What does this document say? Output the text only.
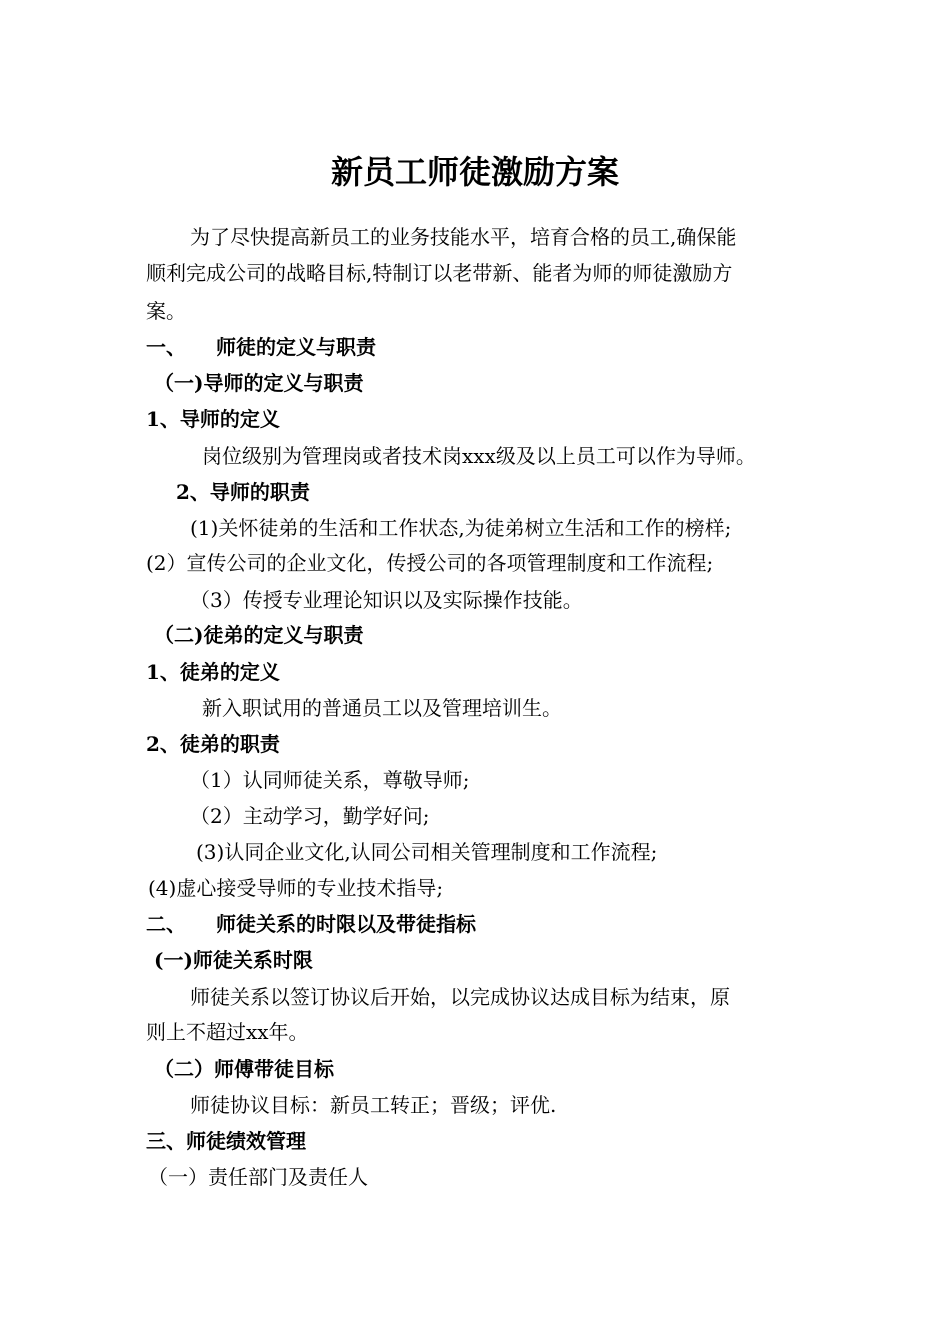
新员工师徒激励方案

为了尽快提高新员工的业务技能水平，培育合格的员工,确保能

顺利完成公司的战略目标,特制订以老带新、能者为师的师徒激励方

案。

一、 师徒的定义与职责

（一)导师的定义与职责

1、导师的定义

岗位级别为管理岗或者技术岗xxx级及以上员工可以作为导师。

2、导师的职责

(1)关怀徒弟的生活和工作状态,为徒弟树立生活和工作的榜样;

(2）宣传公司的企业文化，传授公司的各项管理制度和工作流程;

（3）传授专业理论知识以及实际操作技能。

（二)徒弟的定义与职责

1、徒弟的定义

新入职试用的普通员工以及管理培训生。

2、徒弟的职责

（1）认同师徒关系，尊敬导师;

（2）主动学习，勤学好问;

(3)认同企业文化,认同公司相关管理制度和工作流程;

(4)虚心接受导师的专业技术指导;

二、 师徒关系的时限以及带徒指标

(一)师徒关系时限

师徒关系以签订协议后开始，以完成协议达成目标为结束，原

则上不超过xx年。

（二）师傅带徒目标

师徒协议目标：新员工转正；晋级；评优.

三、师徒绩效管理

（一）责任部门及责任人
